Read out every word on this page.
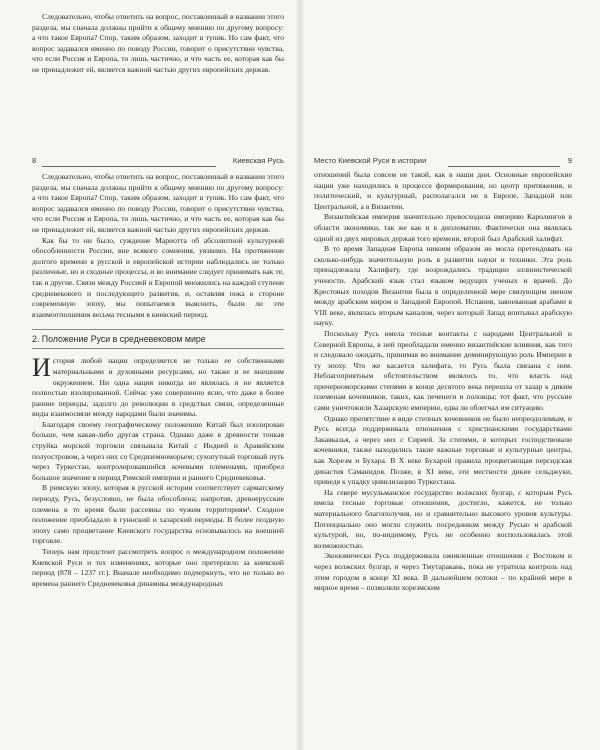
Следовательно, чтобы ответить на вопрос, поставленный в названии этого раздела, мы сначала должны прийти к общему мнению по другому вопросу: а что такое Европа? Спор, таким образом, заходит в тупик. Но сам факт, что вопрос задавался именно по поводу России, говорит о присутствии чувства, что если Россия и Европа, то лишь частично, и что часть ее, которая как бы не принадлежит ей, является важной частью других европейских держав.

8	Киевская Русь

Следовательно, чтобы ответить на вопрос, поставленный в названии этого раздела, мы сначала должны прийти к общему мнению по другому вопросу: а что такое Европа? Спор, таким образом, заходит в тупик. Но сам факт, что вопрос задавался именно по поводу России, говорит о присутствии чувства, что если Россия и Европа, то лишь частично, и что часть ее, которая как бы не принадлежит ей, является важной частью других европейских держав.

Как бы то ни было, суждение Мариотта об абсолютной культурной обособленности России, вне всякого сомнения, уязвимо. На протяжении долгого времени в русской и европейской истории наблюдались не только различные, но и сходные процессы, и во внимание следует принимать как те, так и другие. Связи между Россией и Европой множились на каждой ступени средневекового и последующего развития, и, оставляя пока в стороне современную эпоху, мы попытаемся выяснить, были ли эти взаимоотношения весьма тесными в киевский период.

2. Положение Руси в средневековом мире

История любой нации определяется не только ее собственными материальными и духовными ресурсами, но также и ее внешним окружением. Ни одна нация никогда не являлась и не является полностью изолированной. Сейчас уже совершенно ясно, что даже в более ранние периоды, задолго до революции в средствах связи, определенные виды взаимосвязи между народами были значимы.

Благодаря своему географическому положению Китай был изолирован больше, чем какая-либо другая страна. Однако даже в древности тонкая струйка морской торговли связывала Китай с Индией и Аравийским полуостровом, а через них со Средиземноморьем; сухопутный торговый путь через Туркестан, контролировавшийся кочевыми племенами, приобрел большое значение в период Римской империи и раннего Средневековья.

В римскую эпоху, которая в русской истории соответствует сарматскому периоду, Русь, безусловно, не была обособлена; напротив, древнерусские племена в то время были рассеяны по чужим территориям¹. Сходное положение преобладало в гуннский и хазарский периоды. В более поздную эпоху само процветание Киевского государства основывалось на внешней торговле.

Теперь нам предстоит рассмотреть вопрос о международном положении Киевской Руси и тех изменениях, которые оно претерпело за киевский период (878 – 1237 гг.). Вначале необходимо подчеркнуть, что не только во времена раннего Средневековья динамика международных

Место Киевской Руси в истории	9

отношений была совсем не такой, как в наши дни. Основные европейские нации уже находились в процессе формирования, но центр притяжения, и политический, и культурный, располагался не в Европе, Западной или Центральной, а в Византии.

Византийская империя значительно превосходила империю Каролингов в области экономики, так же как и в дипломатии. Фактически она являлась одной из двух мировых держав того времени, второй был Арабский халифат.

В то время Западная Европа никоим образом не могла претендовать на сколько-нибудь значительную роль в развитии науки и техники. Эта роль принадлежала Халифату, где возрождались традиции эллинистической учености. Арабский язык стал языком ведущих ученых и врачей. До Крестовых походов Византия была в определенной мере связующим звеном между арабским миром и Западной Европой. Испания, завоеванная арабами в VIII веке, являлась вторым каналом, через который Запад впитывал арабскую науку.

Поскольку Русь имела тесные контакты с народами Центральной и Северной Европы, в ней преобладали именно византийские влияния, как того и следовало ожидать, принимая во внимание доминирующую роль Империи в ту эпоху. Что же касается халифата, то Русь была связана с ним. Неблагоприятным обстоятельством являлось то, что власть над причерноморскими степями в конце десятого века перешла от хазар к диким племенам кочевников, таких, как печенеги и половцы; тот факт, что русские сами уничтожили Хазарскую империю, едва ли облегчал им ситуацию.

Однако препятствие в виде степных кочевников не было непреодолимым, и Русь всегда поддерживала отношения с христианскими государствами Закавказья, а через них с Сирией. За степями, в которых господствовали кочевники, также находились такие важные торговые и культурные центры, как Хорезм и Бухара. В X веке Бухарой правила процветающая персидская династия Саманидов. Позже, в XI веке, эти местности дикие сельджуки, приведя к упадку цивилизацию Туркестана.

На севере мусульманское государство волжских булгар, с которым Русь имела тесные торговые отношения, достигло, кажется, не только материального благополучия, но и сравнительно высокого уровня культуры. Потенциально оно могло служить посредником между Русью и арабской культурой, но, по-видимому, Русь не особенно воспользовалась этой возможностью.

Экономически Русь поддерживала оживленные отношения с Востоком и через волжских булгар, и через Тмутаракань, пока не утратила контроль над этим городом в конце XI века. В дальнейшем потоки – по крайней мере в мирное время – позволяли хорезмским
